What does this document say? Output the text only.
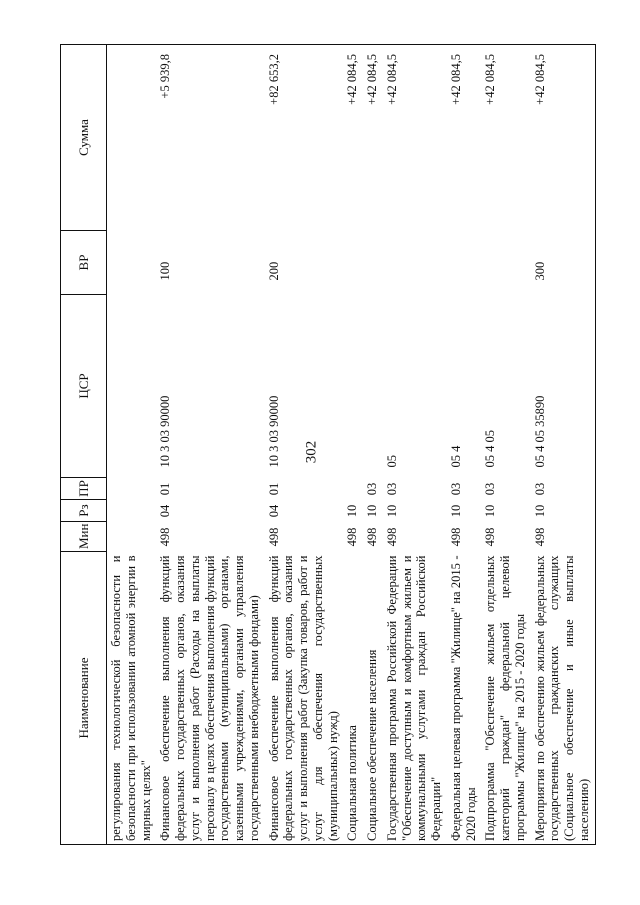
302
Наименование	Мин	Рз	ПР	ЦСР	ВР	Сумма
регулирования технологической безопасности и безопасности при использовании атомной энергии в мирных целях"						
Финансовое обеспечение выполнения функций федеральных государственных органов, оказания услуг и выполнения работ (Расходы на выплаты персоналу в целях обеспечения выполнения функций государственными (муниципальными) органами, казенными учреждениями, органами управления государственными внебюджетными фондами)	498	04	01	10 3 03 90000	100	+5 939,8
Финансовое обеспечение выполнения функций федеральных государственных органов, оказания услуг и выполнения работ (Закупка товаров, работ и услуг для обеспечения государственных (муниципальных) нужд)	498	04	01	10 3 03 90000	200	+82 653,2
Социальная политика	498	10				+42 084,5
Социальное обеспечение населения	498	10	03			+42 084,5
Государственная программа Российской Федерации "Обеспечение доступным и комфортным жильем и коммунальными услугами граждан Российской Федерации"	498	10	03	05		+42 084,5
Федеральная целевая программа "Жилище" на 2015 - 2020 годы	498	10	03	05 4		+42 084,5
Подпрограмма "Обеспечение жильем отдельных категорий граждан" федеральной целевой программы "Жилище" на 2015 - 2020 годы	498	10	03	05 4 05		+42 084,5
Мероприятия по обеспечению жильем федеральных государственных гражданских служащих (Социальное обеспечение и иные выплаты населению)	498	10	03	05 4 05 35890	300	+42 084,5
